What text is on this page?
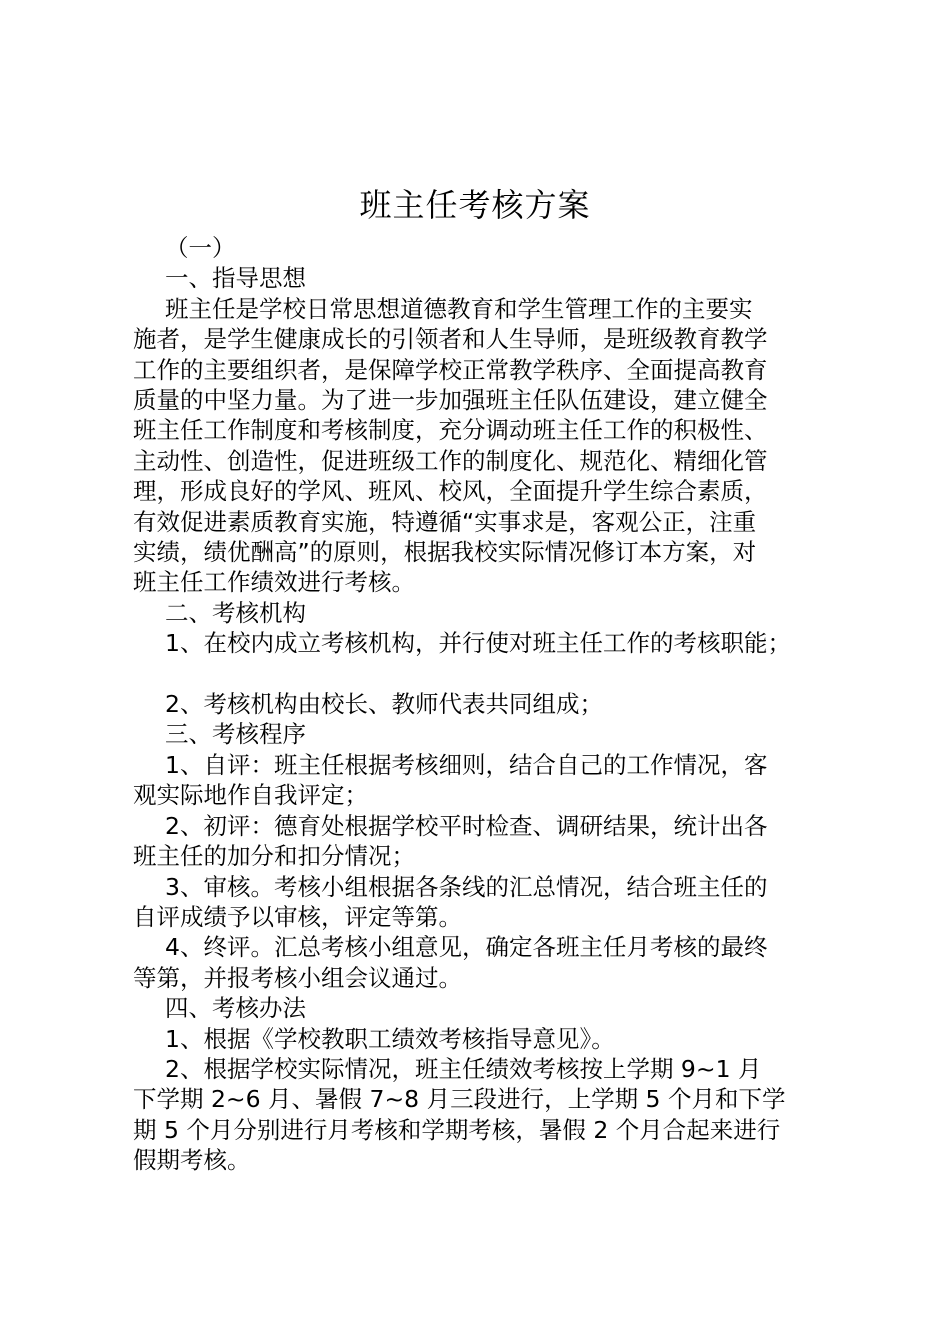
班主任考核方案

（一）

一、指导思想

班主任是学校日常思想道德教育和学生管理工作的主要实

施者，是学生健康成长的引领者和人生导师，是班级教育教学

工作的主要组织者，是保障学校正常教学秩序、全面提高教育

质量的中坚力量。为了进一步加强班主任队伍建设，建立健全

班主任工作制度和考核制度，充分调动班主任工作的积极性、

主动性、创造性，促进班级工作的制度化、规范化、精细化管

理，形成良好的学风、班风、校风，全面提升学生综合素质，

有效促进素质教育实施，特遵循“实事求是，客观公正，注重

实绩，绩优酬高”的原则，根据我校实际情况修订本方案，对

班主任工作绩效进行考核。

二、考核机构

1、在校内成立考核机构，并行使对班主任工作的考核职能；

2、考核机构由校长、教师代表共同组成；

三、考核程序

1、自评：班主任根据考核细则，结合自己的工作情况，客

观实际地作自我评定；

2、初评：德育处根据学校平时检查、调研结果，统计出各

班主任的加分和扣分情况；

3、审核。考核小组根据各条线的汇总情况，结合班主任的

自评成绩予以审核，评定等第。

4、终评。汇总考核小组意见，确定各班主任月考核的最终

等第，并报考核小组会议通过。

四、考核办法

1、根据《学校教职工绩效考核指导意见》。

2、根据学校实际情况，班主任绩效考核按上学期 9~1 月

下学期 2~6 月、暑假 7~8 月三段进行，上学期 5 个月和下学

期 5 个月分别进行月考核和学期考核，暑假 2 个月合起来进行

假期考核。
